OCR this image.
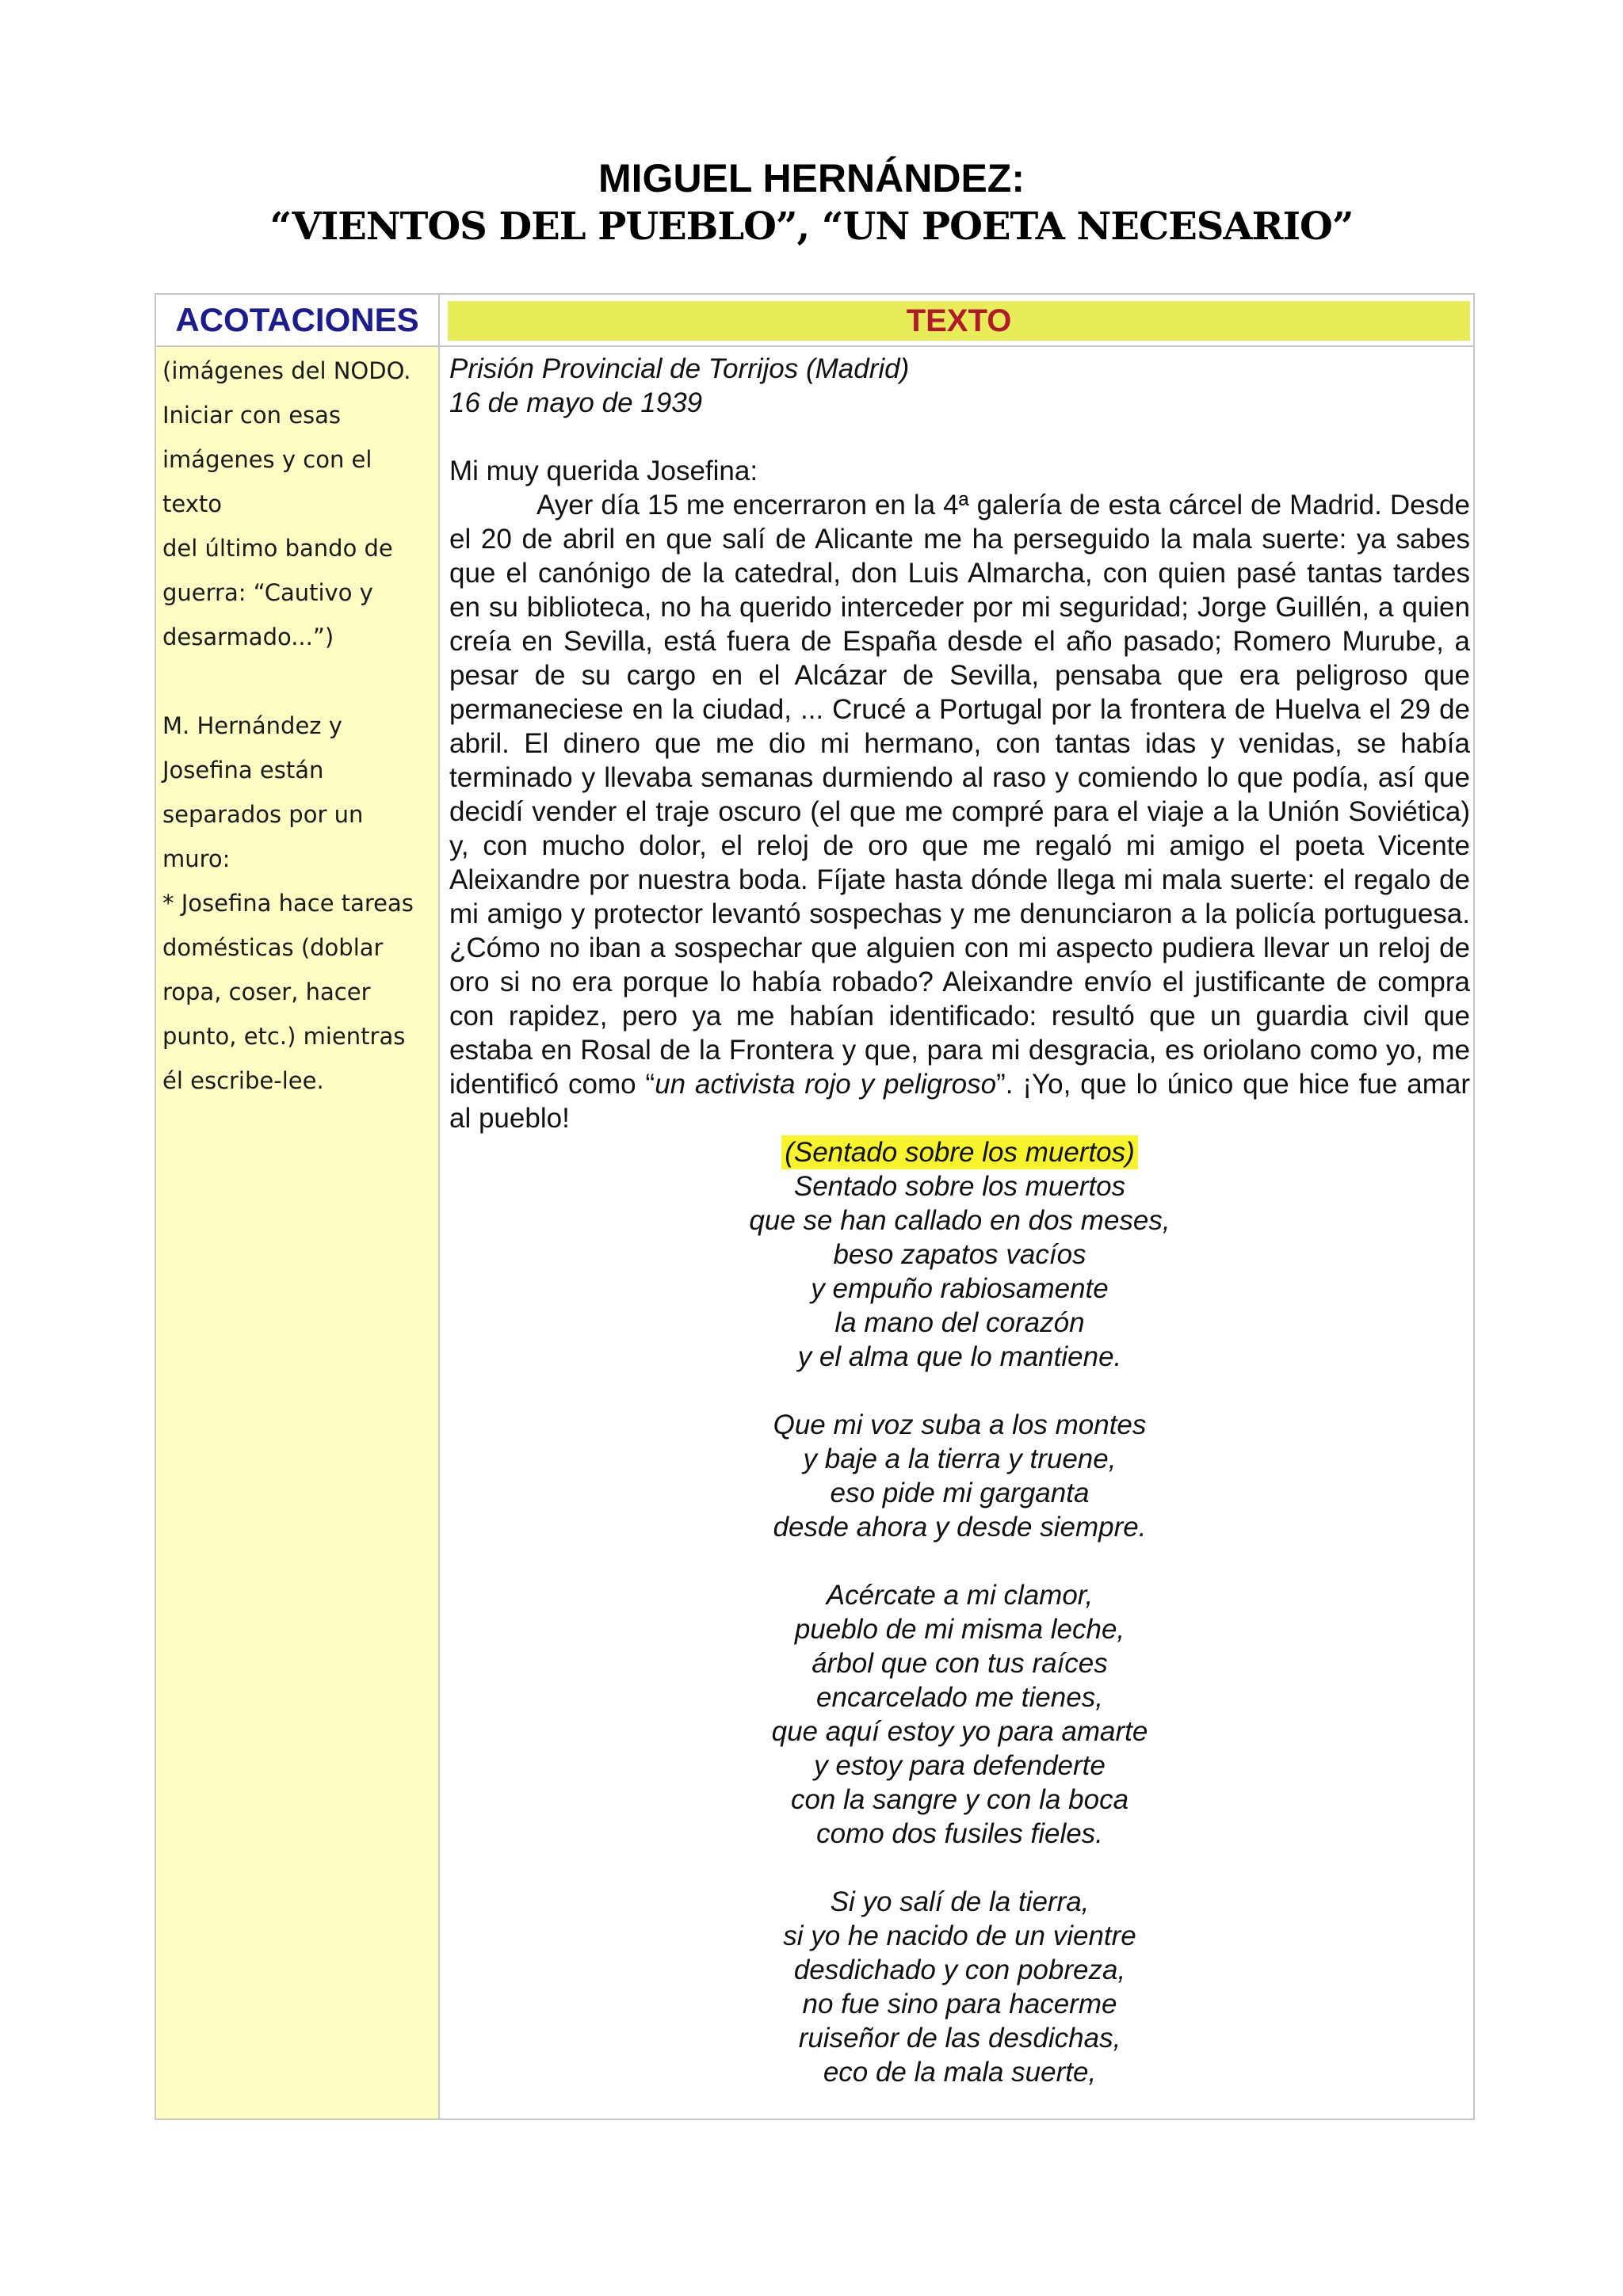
MIGUEL HERNÁNDEZ:
“VIENTOS DEL PUEBLO”, “UN POETA NECESARIO”
ACOTACIONES	TEXTO
(imágenes del NODO.
Iniciar con esas
imágenes y con el texto
del último bando de
guerra: “Cautivo y
desarmado...”)
M. Hernández y
Josefina están
separados por un muro:
* Josefina hace tareas
domésticas (doblar
ropa, coser, hacer
punto, etc.) mientras
él escribe-lee.
Prisión Provincial de Torrijos (Madrid)
16 de mayo de 1939
Mi muy querida Josefina:

Ayer día 15 me encerraron en la 4ª galería de esta cárcel de Madrid. Desde el 20 de abril en que salí de Alicante me ha perseguido la mala suerte: ya sabes que el canónigo de la catedral, don Luis Almarcha, con quien pasé tantas tardes en su biblioteca, no ha querido interceder por mi seguridad; Jorge Guillén, a quien creía en Sevilla, está fuera de España desde el año pasado; Romero Murube, a pesar de su cargo en el Alcázar de Sevilla, pensaba que era peligroso que permaneciese en la ciudad, ... Crucé a Portugal por la frontera de Huelva el 29 de abril. El dinero que me dio mi hermano, con tantas idas y venidas, se había terminado y llevaba semanas durmiendo al raso y comiendo lo que podía, así que decidí vender el traje oscuro (el que me compré para el viaje a la Unión Soviética) y, con mucho dolor, el reloj de oro que me regaló mi amigo el poeta Vicente Aleixandre por nuestra boda. Fíjate hasta dónde llega mi mala suerte: el regalo de mi amigo y protector levantó sospechas y me denunciaron a la policía portuguesa. ¿Cómo no iban a sospechar que alguien con mi aspecto pudiera llevar un reloj de oro si no era porque lo había robado? Aleixandre envío el justificante de compra con rapidez, pero ya me habían identificado: resultó que un guardia civil que estaba en Rosal de la Frontera y que, para mi desgracia, es oriolano como yo, me identificó como “un activista rojo y peligroso”. ¡Yo, que lo único que hice fue amar al pueblo!

(Sentado sobre los muertos)
Sentado sobre los muertos
que se han callado en dos meses,
beso zapatos vacíos
y empuño rabiosamente
la mano del corazón
y el alma que lo mantiene.
Que mi voz suba a los montes
y baje a la tierra y truene,
eso pide mi garganta
desde ahora y desde siempre.
Acércate a mi clamor,
pueblo de mi misma leche,
árbol que con tus raíces
encarcelado me tienes,
que aquí estoy yo para amarte
y estoy para defenderte
con la sangre y con la boca
como dos fusiles fieles.
Si yo salí de la tierra,
si yo he nacido de un vientre
desdichado y con pobreza,
no fue sino para hacerme
ruiseñor de las desdichas,
eco de la mala suerte,
